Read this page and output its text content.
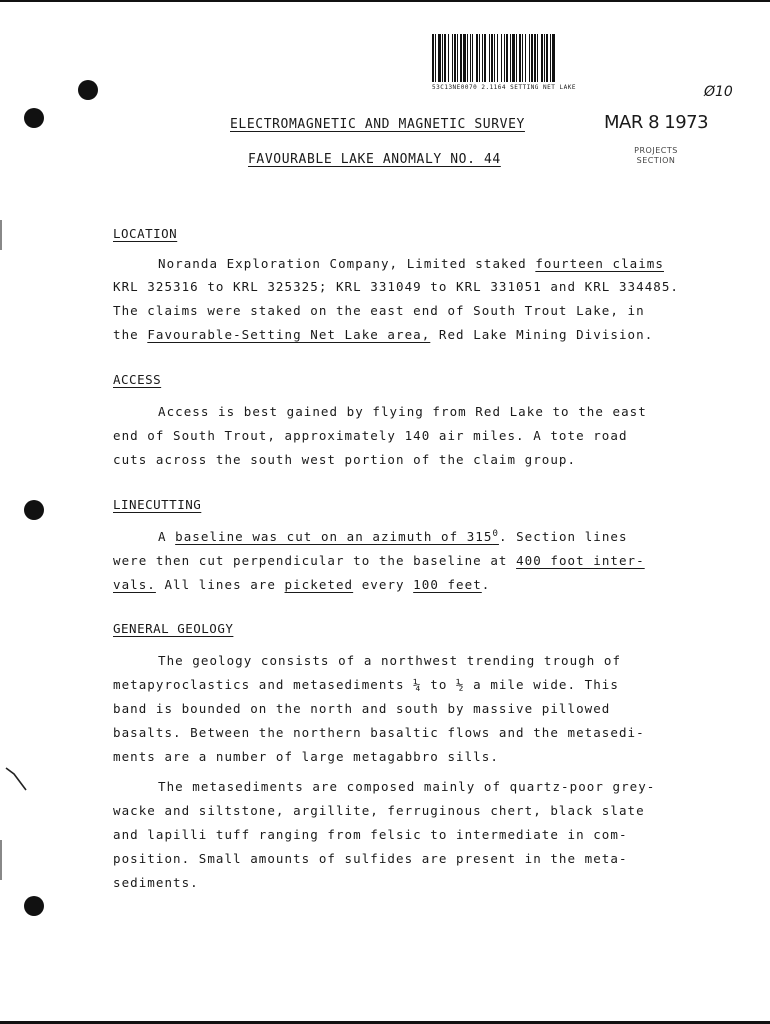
53C13NE0070 2.1164 SETTING NET LAKE	Ø10
MAR 8 1973
PROJECTS
SECTION
ELECTROMAGNETIC AND MAGNETIC SURVEY
FAVOURABLE LAKE ANOMALY NO. 44
LOCATION
Noranda Exploration Company, Limited staked fourteen claims
KRL 325316 to KRL 325325; KRL 331049 to KRL 331051 and KRL 334485.
The claims were staked on the east end of South Trout Lake, in
the Favourable-Setting Net Lake area, Red Lake Mining Division.
ACCESS
Access is best gained by flying from Red Lake to the east
end of South Trout, approximately 140 air miles. A tote road
cuts across the south west portion of the claim group.
LINECUTTING
A baseline was cut on an azimuth of $315^0$. Section lines
were then cut perpendicular to the baseline at 400 foot inter-
vals. All lines are picketed every 100 feet.
GENERAL GEOLOGY
The geology consists of a northwest trending trough of
metapyroclastics and metasediments ¼ to ½ a mile wide. This
band is bounded on the north and south by massive pillowed
basalts. Between the northern basaltic flows and the metasedi-
ments are a number of large metagabbro sills.
The metasediments are composed mainly of quartz-poor grey-
wacke and siltstone, argillite, ferruginous chert, black slate
and lapilli tuff ranging from felsic to intermediate in com-
position. Small amounts of sulfides are present in the meta-
sediments.
